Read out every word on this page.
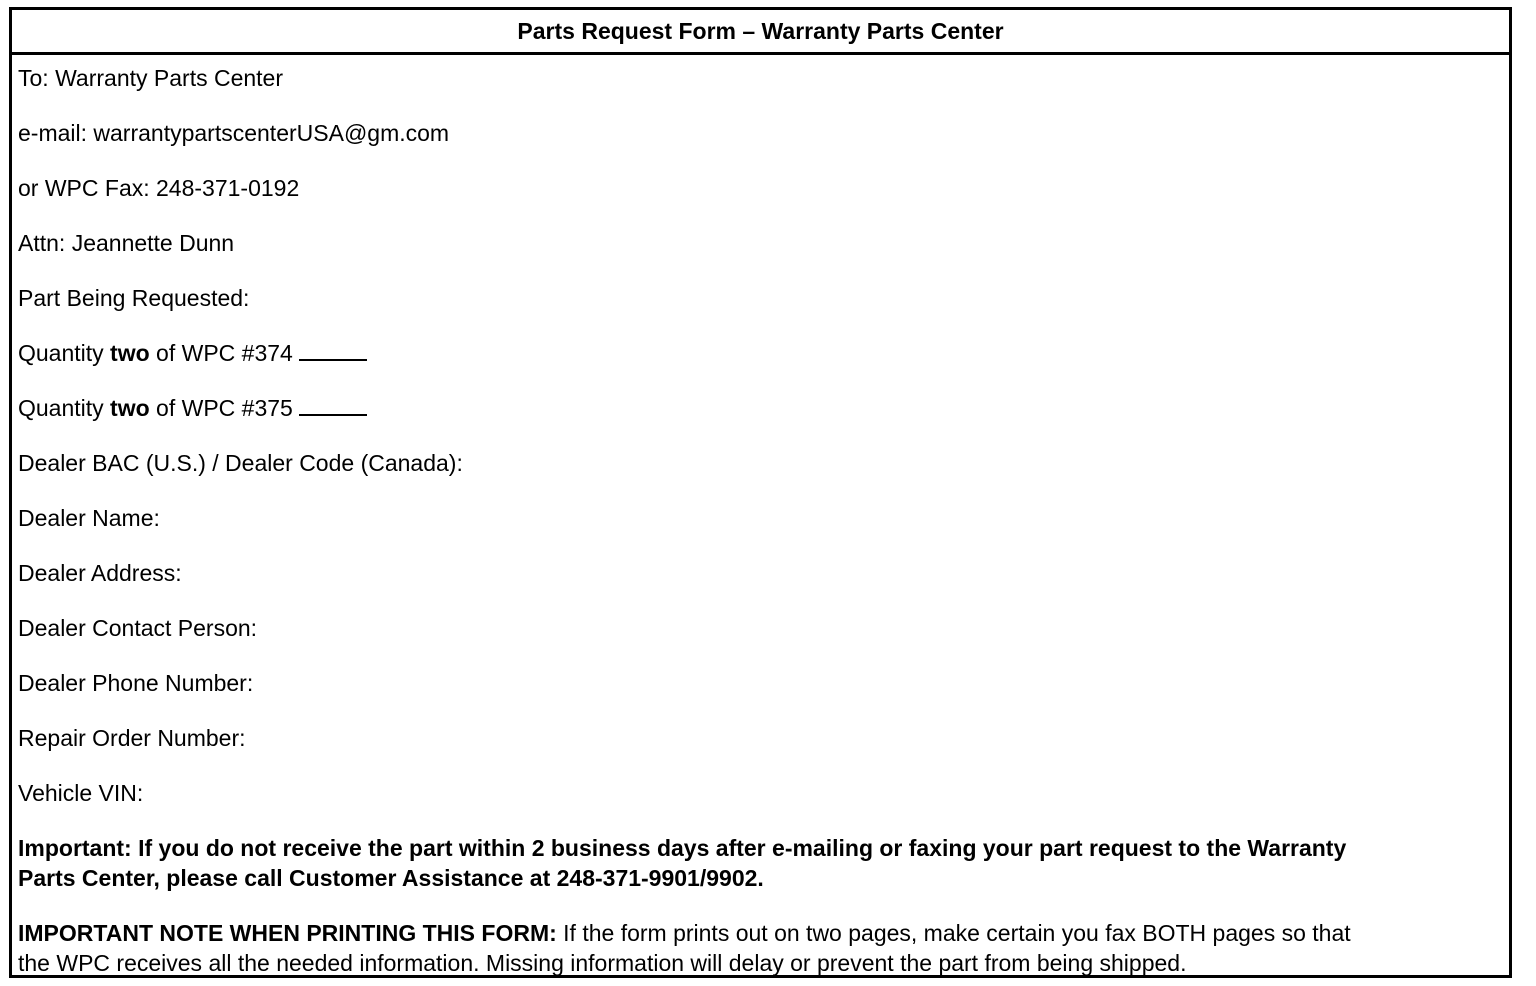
Parts Request Form – Warranty Parts Center

To: Warranty Parts Center

e-mail: warrantypartscenterUSA@gm.com

or WPC Fax: 248-371-0192

Attn: Jeannette Dunn

Part Being Requested:

Quantity two of WPC #374

Quantity two of WPC #375

Dealer BAC (U.S.) / Dealer Code (Canada):

Dealer Name:

Dealer Address:

Dealer Contact Person:

Dealer Phone Number:

Repair Order Number:

Vehicle VIN:

Important: If you do not receive the part within 2 business days after e-mailing or faxing your part request to the Warranty

Parts Center, please call Customer Assistance at 248-371-9901/9902.

IMPORTANT NOTE WHEN PRINTING THIS FORM: If the form prints out on two pages, make certain you fax BOTH pages so that

the WPC receives all the needed information. Missing information will delay or prevent the part from being shipped.
